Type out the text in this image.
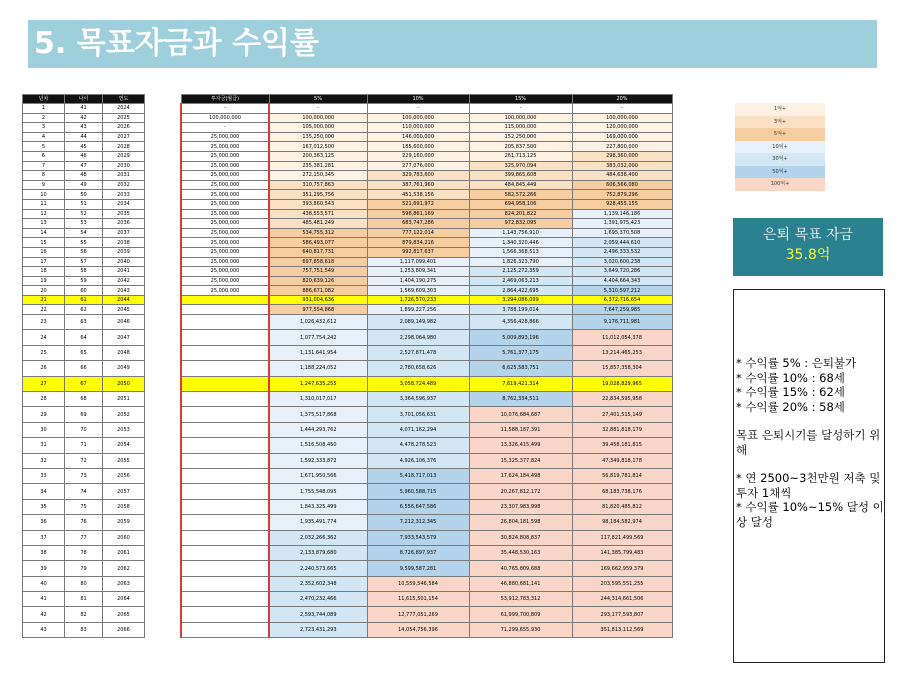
5. 목표자금과 수익률
년차	나이	연도
1	41	2024
2	42	2025
3	43	2026
4	44	2027
5	45	2028
6	46	2029
7	47	2030
8	48	2031
9	49	2032
10	50	2033
11	51	2034
12	52	2035
13	53	2036
14	54	2037
15	55	2038
16	56	2039
17	57	2040
18	58	2041
19	59	2042
20	60	2043
21	61	2044
22	62	2045
23	63	2046
24	64	2047
25	65	2048
26	66	2049
27	67	2050
28	68	2051
29	69	2052
30	70	2053
31	71	2054
32	72	2055
33	73	2056
34	74	2057
35	75	2058
36	76	2059
37	77	2060
38	78	2061
39	79	2062
40	80	2063
41	81	2064
42	82	2065
43	83	2066
투자금(월급)	5%	10%	15%	20%
-	-	-	-	-
100,000,000	100,000,000	100,000,000	100,000,000	100,000,000
-	105,000,000	110,000,000	115,000,000	120,000,000
25,000,000	135,250,000	146,000,000	152,250,000	169,000,000
25,000,000	167,012,500	185,600,000	205,837,500	227,800,000
25,000,000	200,363,125	229,160,000	261,713,125	298,360,000
25,000,000	235,381,281	277,076,000	325,970,094	383,032,000
25,000,000	272,150,345	329,783,600	399,865,608	484,638,400
25,000,000	310,757,863	387,761,960	484,845,449	606,566,080
25,000,000	351,295,756	451,538,156	582,572,266	752,879,296
25,000,000	393,860,543	521,691,972	694,958,106	928,455,155
25,000,000	438,553,571	598,861,169	824,201,822	1,139,146,186
25,000,000	485,481,249	683,747,286	972,832,095	1,391,975,423
25,000,000	534,755,312	777,122,014	1,143,756,910	1,695,370,508
25,000,000	586,493,077	879,834,216	1,340,320,446	2,059,444,610
25,000,000	640,817,731	992,817,637	1,566,368,513	2,496,333,532
25,000,000	697,858,618	1,117,099,401	1,826,323,790	3,020,600,238
25,000,000	757,751,549	1,253,809,341	2,125,272,359	3,649,720,286
25,000,000	820,639,126	1,404,190,275	2,469,063,213	4,404,664,343
25,000,000	886,671,082	1,569,609,303	2,864,422,695	5,310,597,212
	931,004,636	1,726,570,233	3,294,086,099	6,372,716,654
	977,554,868	1,899,227,256	3,788,199,014	7,647,259,985
	1,026,432,612	2,089,149,982	4,356,428,866	9,176,711,981
	1,077,754,242	2,298,064,980	5,009,893,196	11,012,054,378
	1,131,641,954	2,527,871,478	5,761,377,175	13,214,465,253
	1,188,224,052	2,780,658,626	6,625,583,751	15,857,358,304
	1,247,635,255	3,058,724,489	7,619,421,314	19,028,829,965
	1,310,017,017	3,364,596,937	8,762,334,511	22,834,595,958
	1,375,517,868	3,701,056,631	10,076,684,687	27,401,515,149
	1,444,293,762	4,071,162,294	11,588,187,391	32,881,818,179
	1,516,508,450	4,478,278,523	13,326,415,499	39,458,181,815
	1,592,333,872	4,926,106,376	15,325,377,824	47,349,818,178
	1,671,950,566	5,418,717,013	17,624,184,498	56,819,781,814
	1,755,548,095	5,960,588,715	20,267,812,172	68,183,738,176
	1,843,325,499	6,556,647,586	23,307,983,998	81,820,485,812
	1,935,491,774	7,212,312,345	26,804,181,598	98,184,582,974
	2,032,266,362	7,933,543,579	30,824,808,837	117,821,499,569
	2,133,879,680	8,726,897,937	35,448,530,163	141,385,799,483
	2,240,573,665	9,599,587,281	40,765,809,688	169,662,959,379
	2,352,602,348	10,559,546,584	46,880,681,141	203,595,551,255
	2,470,232,466	11,615,501,154	53,912,783,312	244,314,661,506
	2,593,744,089	12,777,051,269	61,999,700,809	293,177,593,807
	2,723,431,293	14,054,756,396	71,299,655,930	351,813,112,569
1억+
3억+
5억+
10억+
30억+
50억+
100억+
은퇴 목표 자금
35.8억
* 수익률 5% : 은퇴불가
* 수익률 10% : 68세
* 수익률 15% : 62세
* 수익률 20% : 58세
목표 은퇴시기를 달성하기 위해
* 연 2500~3천만원 저축 및 투자 1채씩
* 수익률 10%~15% 달성 이상 달성
